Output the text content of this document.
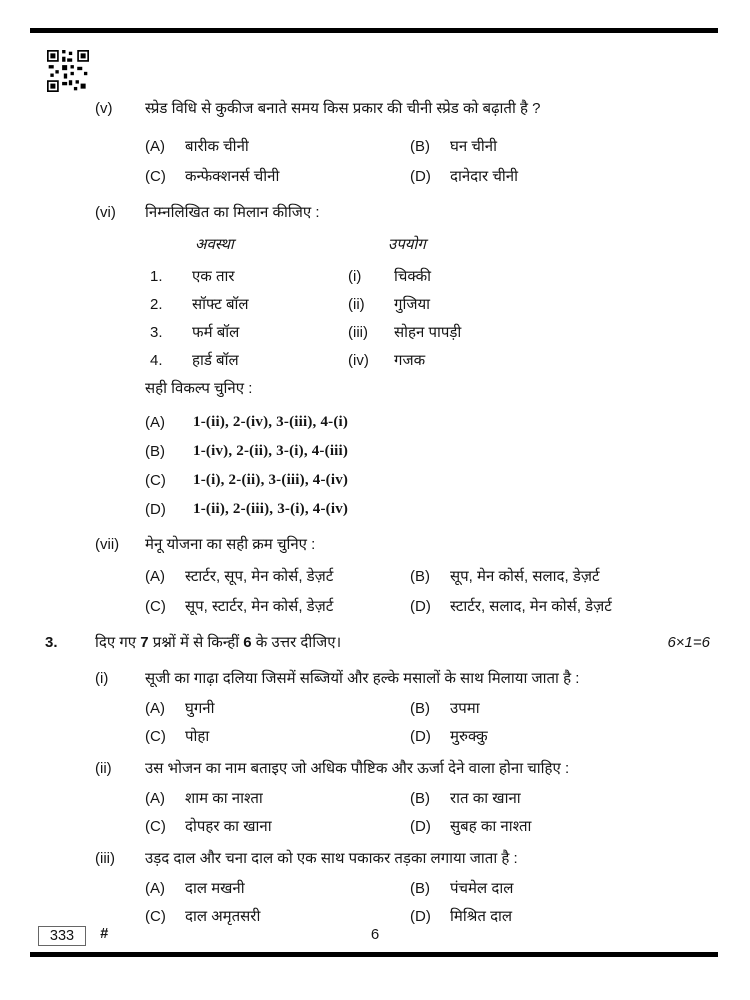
(v)	स्प्रेड विधि से कुकीज बनाते समय किस प्रकार की चीनी स्प्रेड को बढ़ाती है ?
(A)	बारीक चीनी	(B)	घन चीनी
(C)	कन्फेक्शनर्स चीनी	(D)	दानेदार चीनी
(vi)	निम्नलिखित का मिलान कीजिए :
अवस्था	उपयोग
1.	एक तार	(i)	चिक्की
2.	सॉफ्ट बॉल	(ii)	गुजिया
3.	फर्म बॉल	(iii)	सोहन पापड़ी
4.	हार्ड बॉल	(iv)	गजक
सही विकल्प चुनिए :
(A)	1-(ii), 2-(iv), 3-(iii), 4-(i)
(B)	1-(iv), 2-(ii), 3-(i), 4-(iii)
(C)	1-(i), 2-(ii), 3-(iii), 4-(iv)
(D)	1-(ii), 2-(iii), 3-(i), 4-(iv)
(vii)	मेनू योजना का सही क्रम चुनिए :
(A)	स्टार्टर, सूप, मेन कोर्स, डेज़र्ट	(B)	सूप, मेन कोर्स, सलाद, डेज़र्ट
(C)	सूप, स्टार्टर, मेन कोर्स, डेज़र्ट	(D)	स्टार्टर, सलाद, मेन कोर्स, डेज़र्ट
3.	दिए गए 7 प्रश्नों में से किन्हीं 6 के उत्तर दीजिए।	6×1=6
(i)	सूजी का गाढ़ा दलिया जिसमें सब्जियों और हल्के मसालों के साथ मिलाया जाता है :
(A)	घुगनी	(B)	उपमा
(C)	पोहा	(D)	मुरुक्कु
(ii)	उस भोजन का नाम बताइए जो अधिक पौष्टिक और ऊर्जा देने वाला होना चाहिए :
(A)	शाम का नाश्ता	(B)	रात का खाना
(C)	दोपहर का खाना	(D)	सुबह का नाश्ता
(iii)	उड़द दाल और चना दाल को एक साथ पकाकर तड़का लगाया जाता है :
(A)	दाल मखनी	(B)	पंचमेल दाल
(C)	दाल अमृतसरी	(D)	मिश्रित दाल
333	#	6
